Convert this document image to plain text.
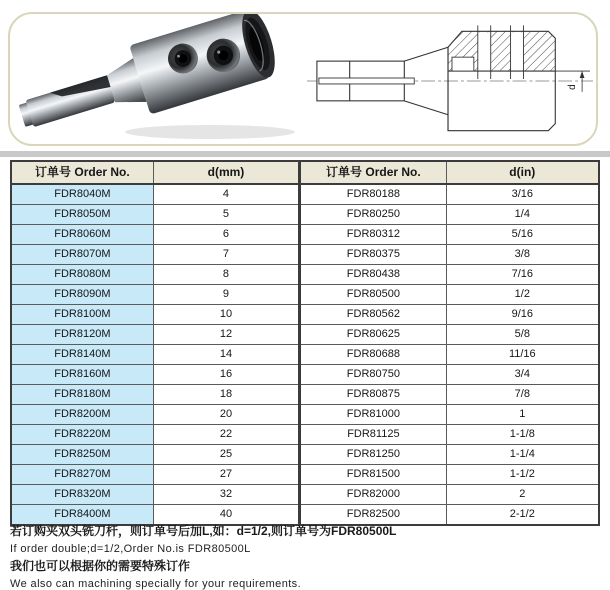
d
订单号 Order No.	d(mm)	订单号 Order No.	d(in)
FDR8040M	4	FDR80188	3/16
FDR8050M	5	FDR80250	1/4
FDR8060M	6	FDR80312	5/16
FDR8070M	7	FDR80375	3/8
FDR8080M	8	FDR80438	7/16
FDR8090M	9	FDR80500	1/2
FDR8100M	10	FDR80562	9/16
FDR8120M	12	FDR80625	5/8
FDR8140M	14	FDR80688	11/16
FDR8160M	16	FDR80750	3/4
FDR8180M	18	FDR80875	7/8
FDR8200M	20	FDR81000	1
FDR8220M	22	FDR81125	1-1/8
FDR8250M	25	FDR81250	1-1/4
FDR8270M	27	FDR81500	1-1/2
FDR8320M	32	FDR82000	2
FDR8400M	40	FDR82500	2-1/2

若订购夹双头铣刀杆，则订单号后加L,如：d=1/2,则订单号为FDR80500L

If order double;d=1/2,Order No.is FDR80500L

我们也可以根据你的需要特殊订作

We also can machining specially for your requirements.
